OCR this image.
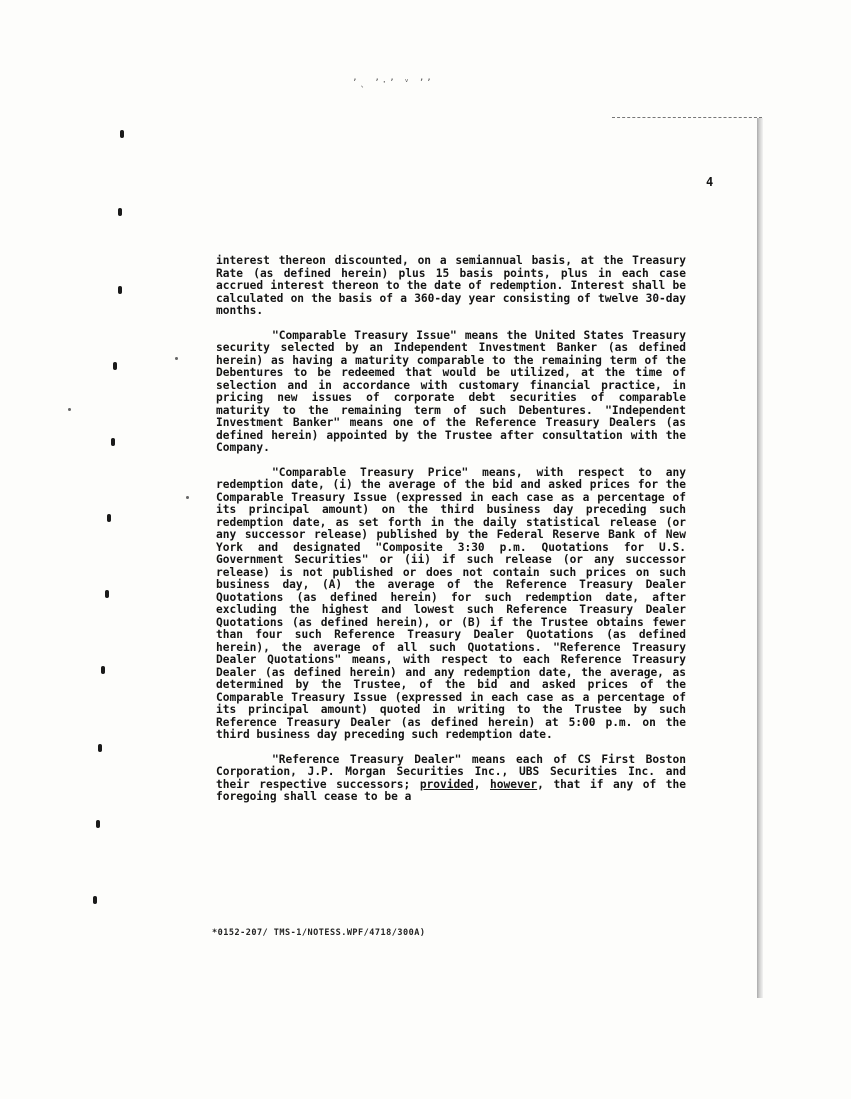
ʼˎ ʼ·ʼ ᵛ ʼʼ
4

interest thereon discounted, on a semiannual basis, at the Treasury Rate (as defined herein) plus 15 basis points, plus in each case accrued interest thereon to the date of redemption. Interest shall be calculated on the basis of a 360-day year consisting of twelve 30-day months.

"Comparable Treasury Issue" means the United States Treasury security selected by an Independent Investment Banker (as defined herein) as having a maturity comparable to the remaining term of the Debentures to be redeemed that would be utilized, at the time of selection and in accordance with customary financial practice, in pricing new issues of corporate debt securities of comparable maturity to the remaining term of such Debentures. "Independent Investment Banker" means one of the Reference Treasury Dealers (as defined herein) appointed by the Trustee after consultation with the Company.

"Comparable Treasury Price" means, with respect to any redemption date, (i) the average of the bid and asked prices for the Comparable Treasury Issue (expressed in each case as a percentage of its principal amount) on the third business day preceding such redemption date, as set forth in the daily statistical release (or any successor release) published by the Federal Reserve Bank of New York and designated "Composite 3:30 p.m. Quotations for U.S. Government Securities" or (ii) if such release (or any successor release) is not published or does not contain such prices on such business day, (A) the average of the Reference Treasury Dealer Quotations (as defined herein) for such redemption date, after excluding the highest and lowest such Reference Treasury Dealer Quotations (as defined herein), or (B) if the Trustee obtains fewer than four such Reference Treasury Dealer Quotations (as defined herein), the average of all such Quotations. "Reference Treasury Dealer Quotations" means, with respect to each Reference Treasury Dealer (as defined herein) and any redemption date, the average, as determined by the Trustee, of the bid and asked prices of the Comparable Treasury Issue (expressed in each case as a percentage of its principal amount) quoted in writing to the Trustee by such Reference Treasury Dealer (as defined herein) at 5:00 p.m. on the third business day preceding such redemption date.

"Reference Treasury Dealer" means each of CS First Boston Corporation, J.P. Morgan Securities Inc., UBS Securities Inc. and their respective successors; provided, however, that if any of the foregoing shall cease to be a

*0152-207/ TMS-1/NOTESS.WPF/4718/300A)
